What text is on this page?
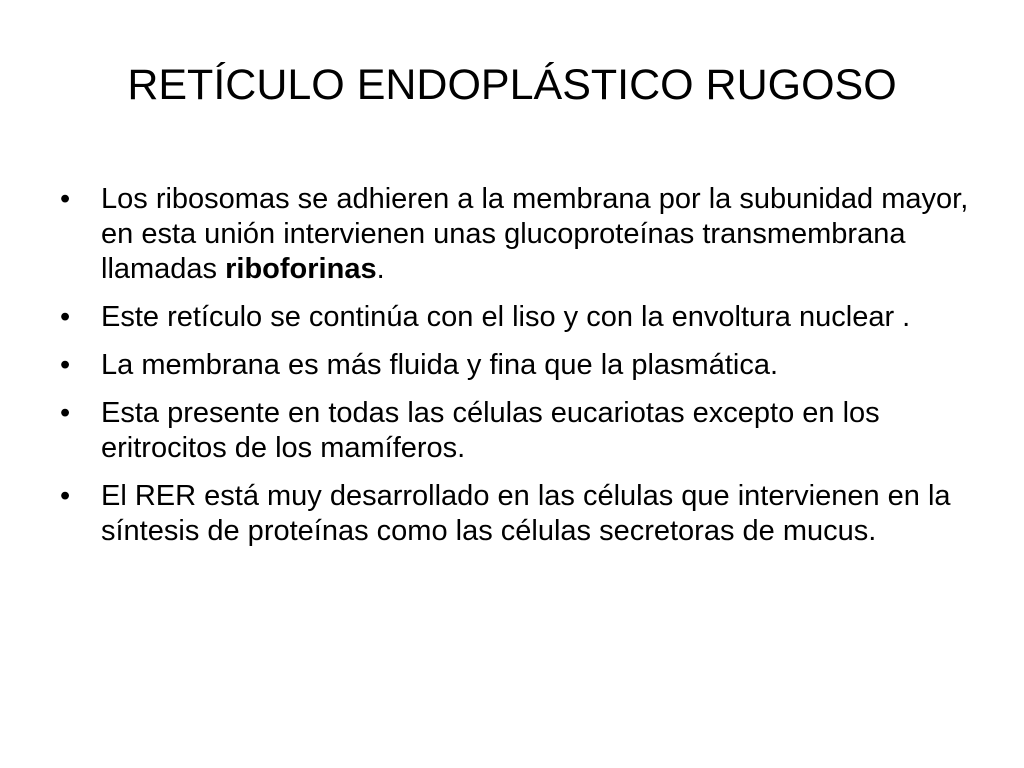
RETÍCULO ENDOPLÁSTICO RUGOSO
•	Los ribosomas se adhieren a la membrana por la subunidad mayor, en esta unión intervienen unas glucoproteínas transmembrana llamadas riboforinas.
•	Este retículo se continúa con el liso y con la envoltura nuclear .
•	La membrana es más fluida y fina que la plasmática.
•	Esta presente en todas las células eucariotas excepto en los eritrocitos de los mamíferos.
•	El RER está muy desarrollado en las células que intervienen en la síntesis de proteínas como las células secretoras de mucus.
